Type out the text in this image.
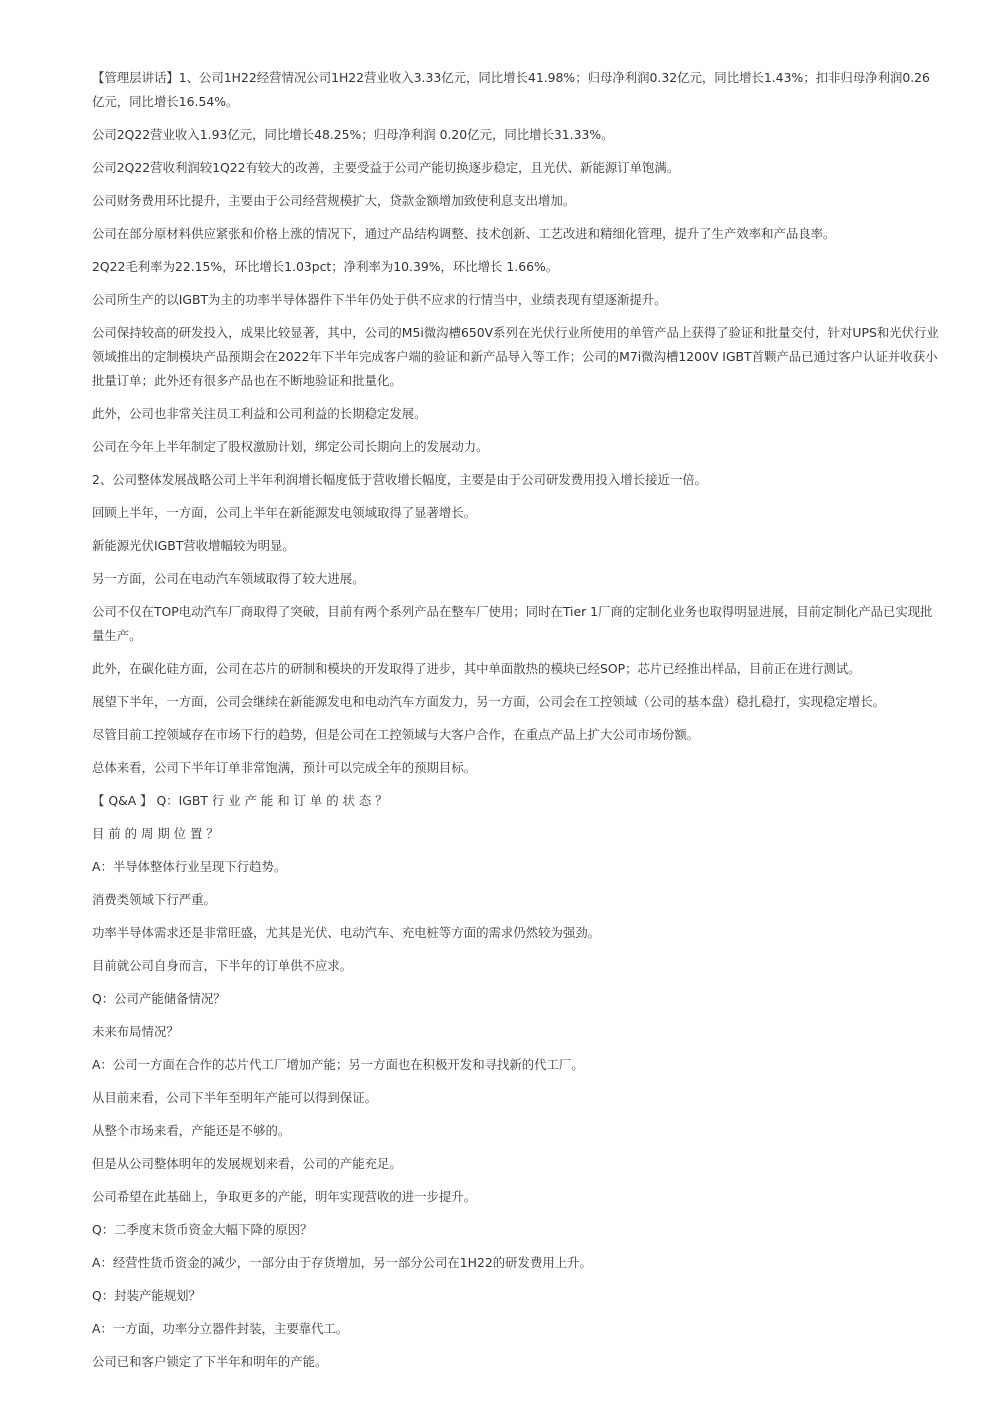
【管理层讲话】1、公司1H22经营情况公司1H22营业收入3.33亿元，同比增长41.98%；归母净利润0.32亿元，同比增长1.43%；扣非归母净利润0.26亿元，同比增长16.54%。

公司2Q22营业收入1.93亿元，同比增长48.25%；归母净利润 0.20亿元，同比增长31.33%。

公司2Q22营收利润较1Q22有较大的改善，主要受益于公司产能切换逐步稳定，且光伏、新能源订单饱满。

公司财务费用环比提升，主要由于公司经营规模扩大，贷款金额增加致使利息支出增加。

公司在部分原材料供应紧张和价格上涨的情况下，通过产品结构调整、技术创新、工艺改进和精细化管理，提升了生产效率和产品良率。

2Q22毛利率为22.15%，环比增长1.03pct；净利率为10.39%，环比增长 1.66%。

公司所生产的以IGBT为主的功率半导体器件下半年仍处于供不应求的行情当中，业绩表现有望逐渐提升。

公司保持较高的研发投入，成果比较显著，其中，公司的M5i微沟槽650V系列在光伏行业所使用的单管产品上获得了验证和批量交付，针对UPS和光伏行业领域推出的定制模块产品预期会在2022年下半年完成客户端的验证和新产品导入等工作；公司的M7i微沟槽1200V IGBT首颗产品已通过客户认证并收获小批量订单；此外还有很多产品也在不断地验证和批量化。

此外，公司也非常关注员工利益和公司利益的长期稳定发展。

公司在今年上半年制定了股权激励计划，绑定公司长期向上的发展动力。

2、公司整体发展战略公司上半年利润增长幅度低于营收增长幅度，主要是由于公司研发费用投入增长接近一倍。

回顾上半年，一方面，公司上半年在新能源发电领域取得了显著增长。

新能源光伏IGBT营收增幅较为明显。

另一方面，公司在电动汽车领域取得了较大进展。

公司不仅在TOP电动汽车厂商取得了突破，目前有两个系列产品在整车厂使用；同时在Tier 1厂商的定制化业务也取得明显进展，目前定制化产品已实现批量生产。

此外，在碳化硅方面，公司在芯片的研制和模块的开发取得了进步，其中单面散热的模块已经SOP；芯片已经推出样品，目前正在进行测试。

展望下半年，一方面，公司会继续在新能源发电和电动汽车方面发力，另一方面，公司会在工控领域（公司的基本盘）稳扎稳打，实现稳定增长。

尽管目前工控领域存在市场下行的趋势，但是公司在工控领域与大客户合作，在重点产品上扩大公司市场份额。

总体来看，公司下半年订单非常饱满，预计可以完成全年的预期目标。

【 Q&A 】 Q：IGBT 行 业 产 能 和 订 单 的 状 态 ？

目 前 的 周 期 位 置 ？

A：半导体整体行业呈现下行趋势。

消费类领域下行严重。

功率半导体需求还是非常旺盛，尤其是光伏、电动汽车、充电桩等方面的需求仍然较为强劲。

目前就公司自身而言，下半年的订单供不应求。

Q：公司产能储备情况？

未来布局情况？

A：公司一方面在合作的芯片代工厂增加产能；另一方面也在积极开发和寻找新的代工厂。

从目前来看，公司下半年至明年产能可以得到保证。

从整个市场来看，产能还是不够的。

但是从公司整体明年的发展规划来看，公司的产能充足。

公司希望在此基础上，争取更多的产能，明年实现营收的进一步提升。

Q：二季度末货币资金大幅下降的原因？

A：经营性货币资金的减少，一部分由于存货增加，另一部分公司在1H22的研发费用上升。

Q：封装产能规划？

A：一方面，功率分立器件封装，主要靠代工。

公司已和客户锁定了下半年和明年的产能。
